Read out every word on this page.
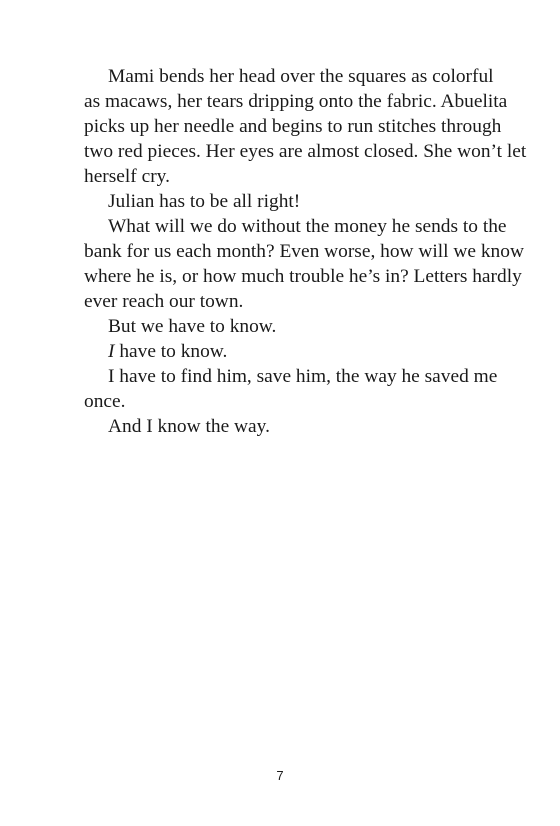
Mami bends her head over the squares as colorful
as macaws, her tears dripping onto the fabric. Abuelita
picks up her needle and begins to run stitches through
two red pieces. Her eyes are almost closed. She won’t let
herself cry.

Julian has to be all right!

What will we do without the money he sends to the
bank for us each month? Even worse, how will we know
where he is, or how much trouble he’s in? Letters hardly
ever reach our town.

But we have to know.

I have to know.

I have to find him, save him, the way he saved me
once.

And I know the way.

7
